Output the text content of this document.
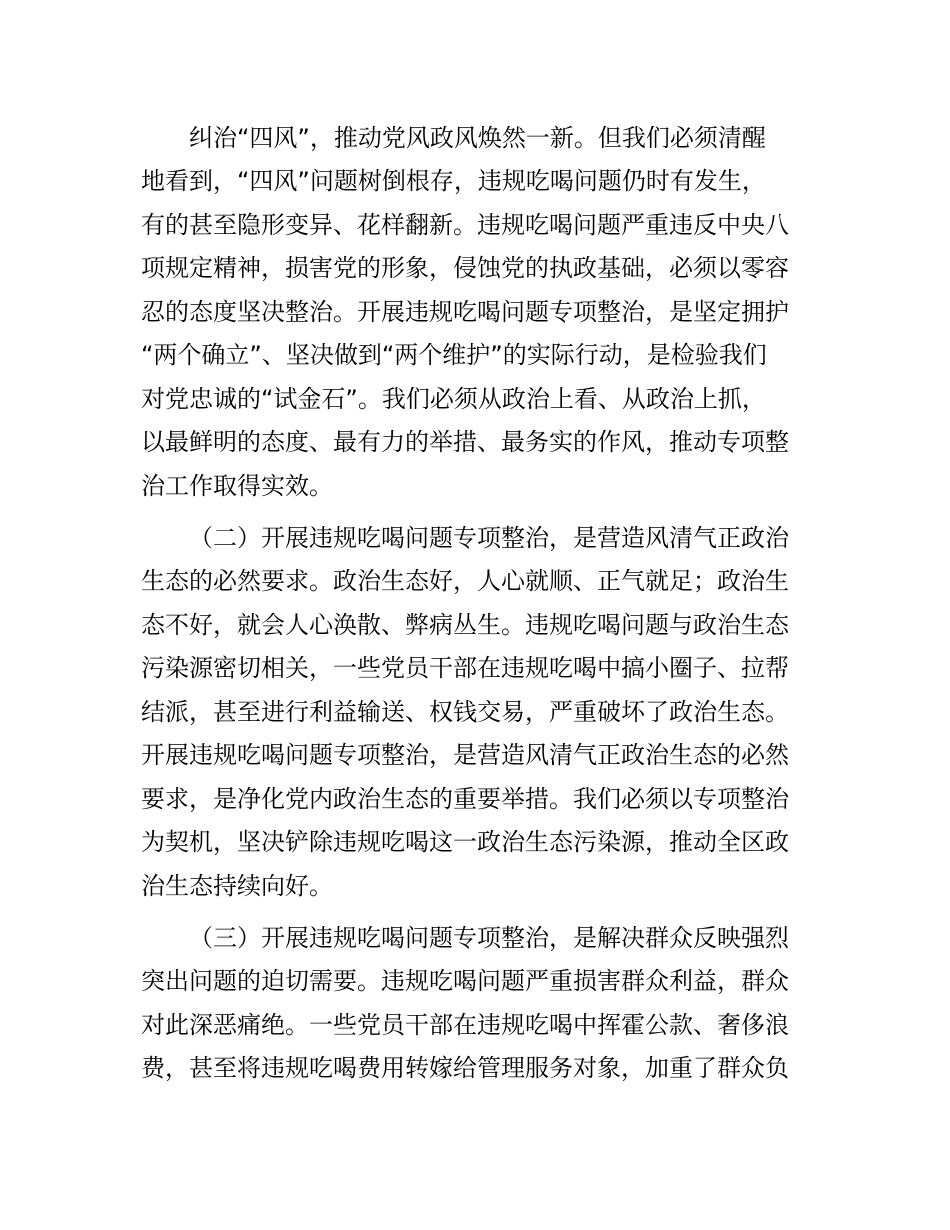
纠治“四风”，推动党风政风焕然一新。但我们必须清醒
地看到，“四风”问题树倒根存，违规吃喝问题仍时有发生，
有的甚至隐形变异、花样翻新。违规吃喝问题严重违反中央八
项规定精神，损害党的形象，侵蚀党的执政基础，必须以零容
忍的态度坚决整治。开展违规吃喝问题专项整治，是坚定拥护
“两个确立”、坚决做到“两个维护”的实际行动，是检验我们
对党忠诚的“试金石”。我们必须从政治上看、从政治上抓，
以最鲜明的态度、最有力的举措、最务实的作风，推动专项整
治工作取得实效。
（二）开展违规吃喝问题专项整治，是营造风清气正政治
生态的必然要求。政治生态好，人心就顺、正气就足；政治生
态不好，就会人心涣散、弊病丛生。违规吃喝问题与政治生态
污染源密切相关，一些党员干部在违规吃喝中搞小圈子、拉帮
结派，甚至进行利益输送、权钱交易，严重破坏了政治生态。
开展违规吃喝问题专项整治，是营造风清气正政治生态的必然
要求，是净化党内政治生态的重要举措。我们必须以专项整治
为契机，坚决铲除违规吃喝这一政治生态污染源，推动全区政
治生态持续向好。
（三）开展违规吃喝问题专项整治，是解决群众反映强烈
突出问题的迫切需要。违规吃喝问题严重损害群众利益，群众
对此深恶痛绝。一些党员干部在违规吃喝中挥霍公款、奢侈浪
费，甚至将违规吃喝费用转嫁给管理服务对象，加重了群众负
